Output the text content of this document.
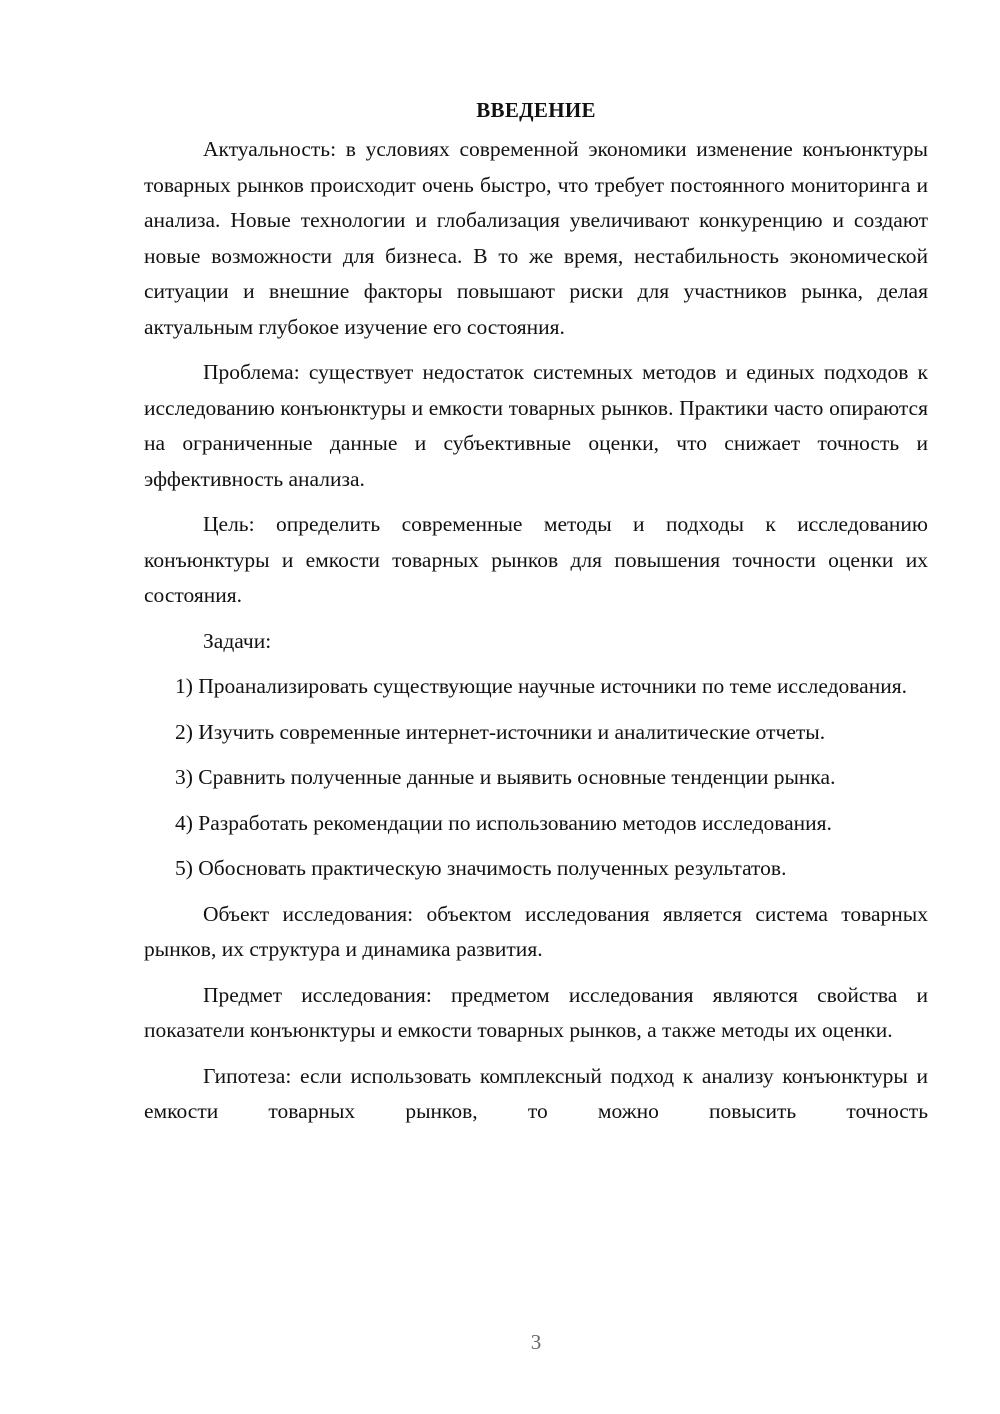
ВВЕДЕНИЕ

Актуальность: в условиях современной экономики изменение конъюнктуры товарных рынков происходит очень быстро, что требует постоянного мониторинга и анализа. Новые технологии и глобализация увеличивают конкуренцию и создают новые возможности для бизнеса. В то же время, нестабильность экономической ситуации и внешние факторы повышают риски для участников рынка, делая актуальным глубокое изучение его состояния.

Проблема: существует недостаток системных методов и единых подходов к исследованию конъюнктуры и емкости товарных рынков. Практики часто опираются на ограниченные данные и субъективные оценки, что снижает точность и эффективность анализа.

Цель: определить современные методы и подходы к исследованию конъюнктуры и емкости товарных рынков для повышения точности оценки их состояния.

Задачи:

1) Проанализировать существующие научные источники по теме исследования.

2) Изучить современные интернет-источники и аналитические отчеты.

3) Сравнить полученные данные и выявить основные тенденции рынка.

4) Разработать рекомендации по использованию методов исследования.

5) Обосновать практическую значимость полученных результатов.

Объект исследования: объектом исследования является система товарных рынков, их структура и динамика развития.

Предмет исследования: предметом исследования являются свойства и показатели конъюнктуры и емкости товарных рынков, а также методы их оценки.

Гипотеза: если использовать комплексный подход к анализу конъюнктуры и емкости товарных рынков, то можно повысить точность

3
